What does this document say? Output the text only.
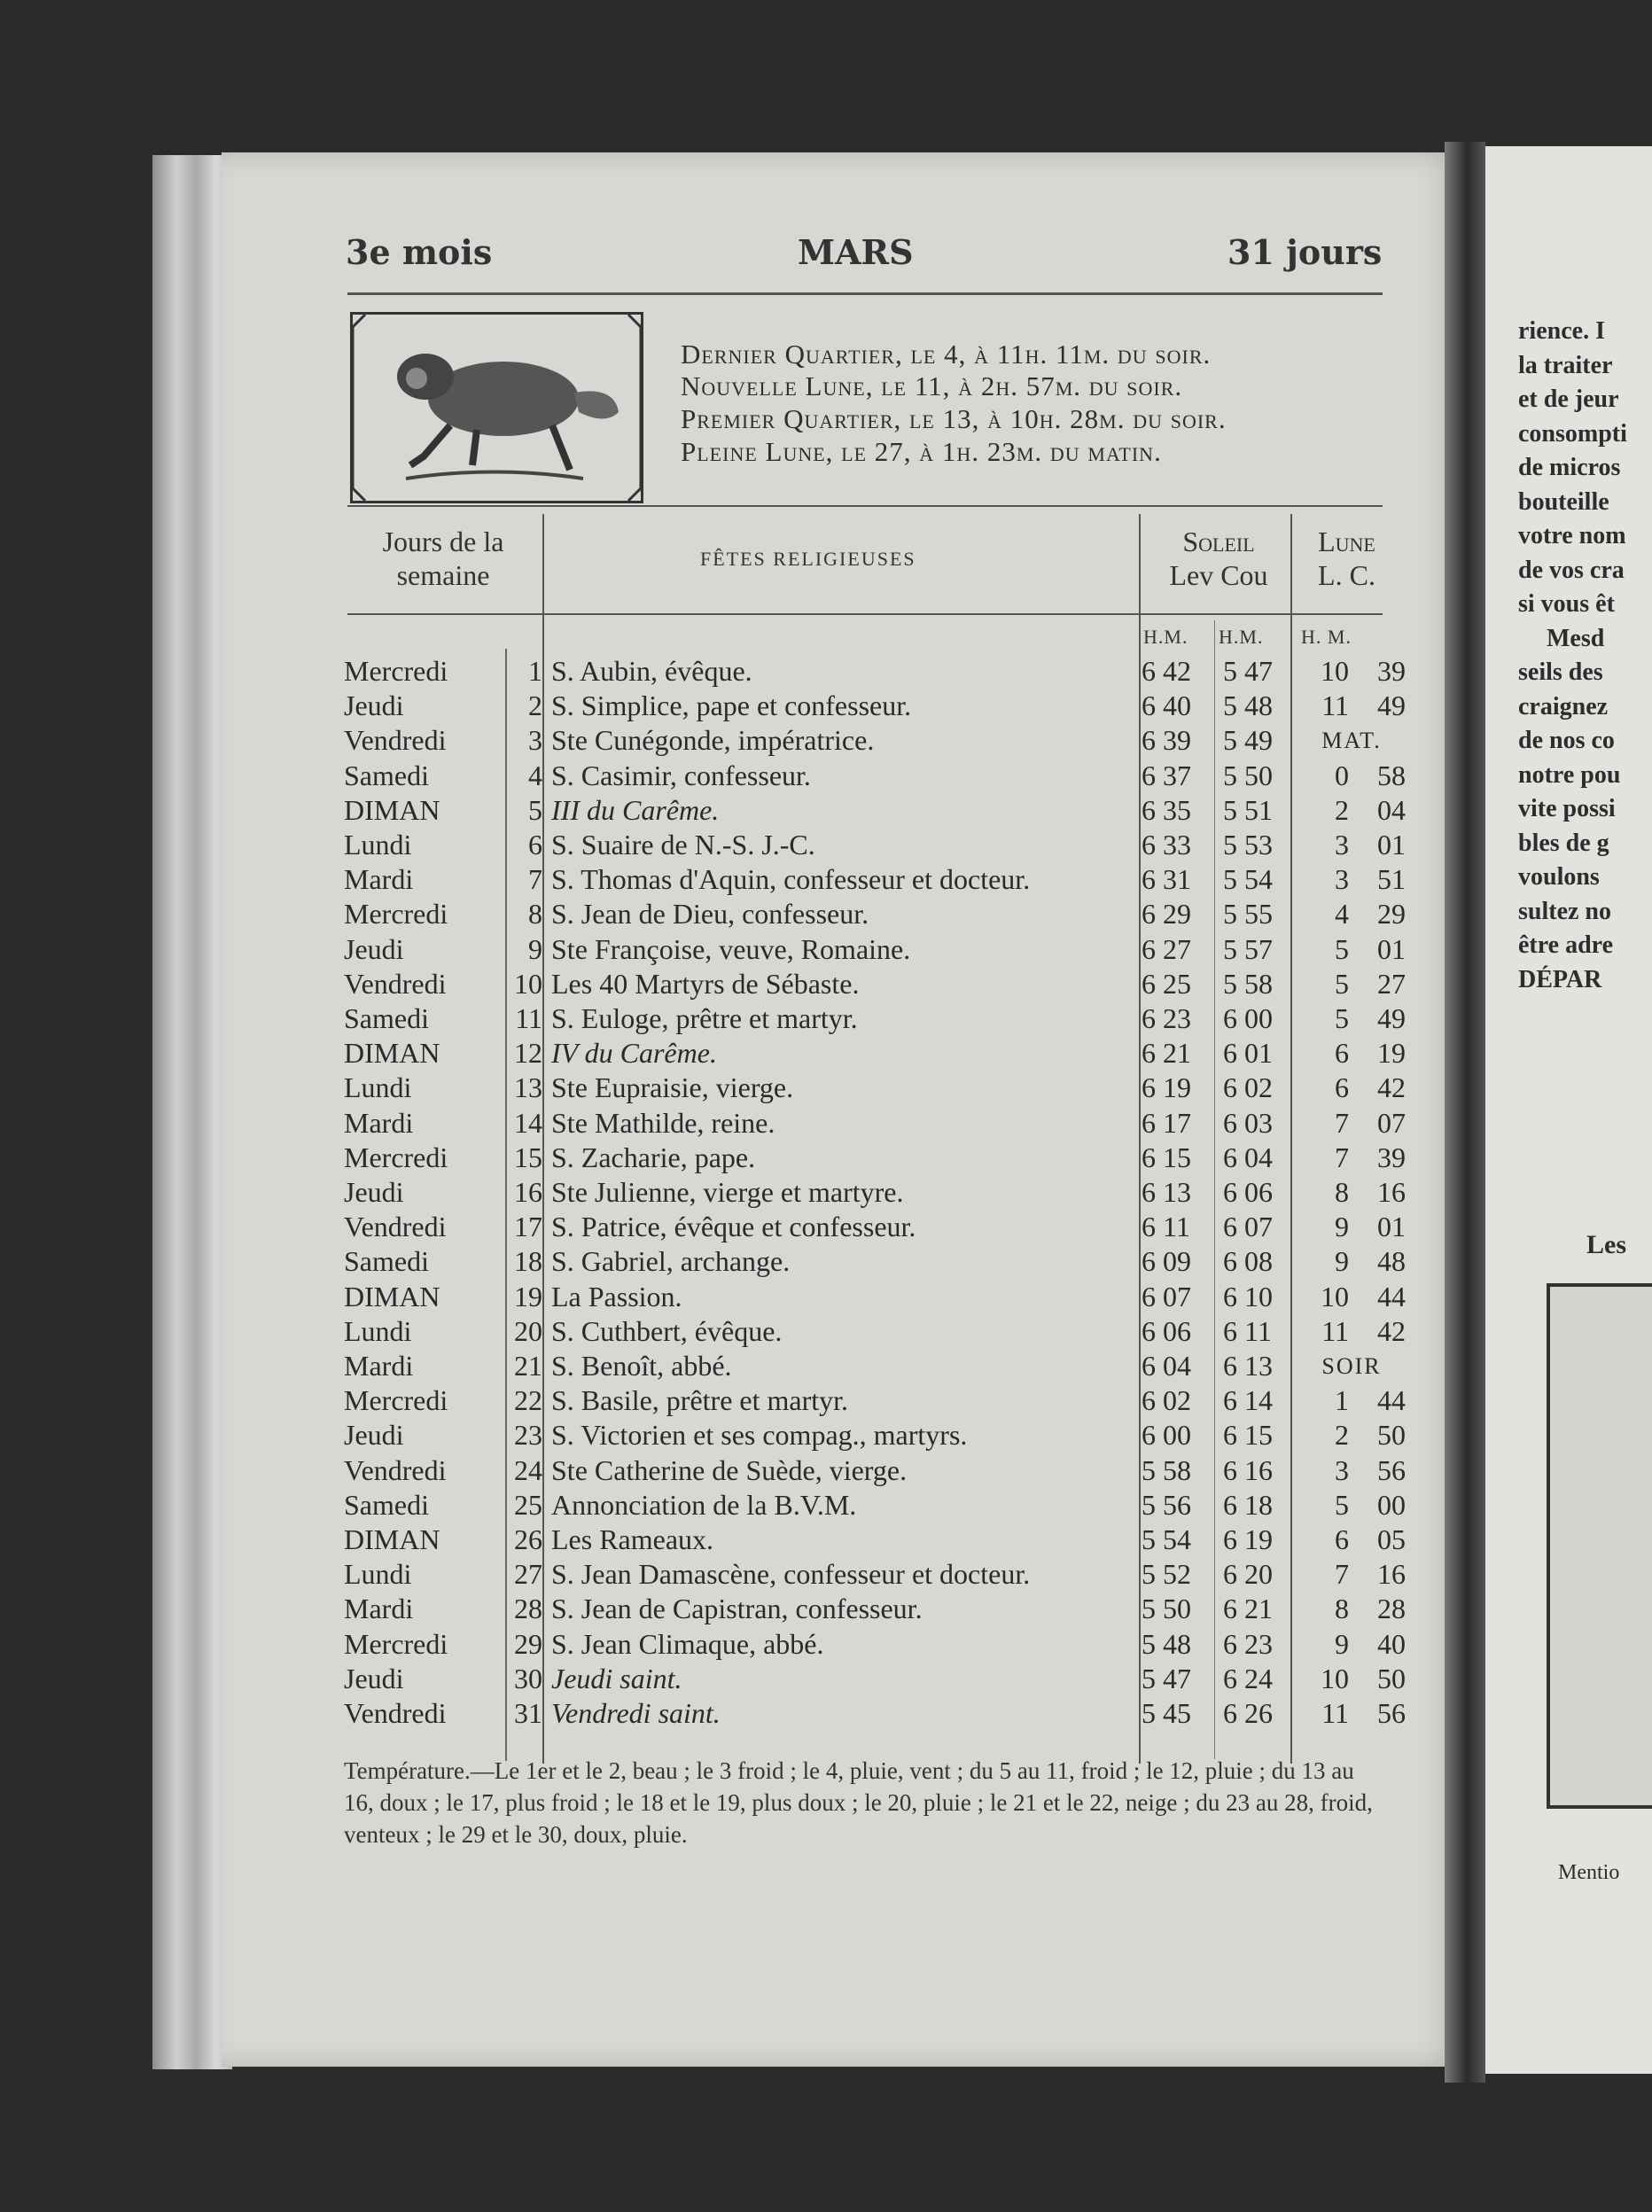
3e mois	MARS	31 jours
Dernier Quartier, le 4, à 11h. 11m. du soir.
Nouvelle Lune, le 11, à 2h. 57m. du soir.
Premier Quartier, le 13, à 10h. 28m. du soir.
Pleine Lune, le 27, à 1h. 23m. du matin.
Jours de la semaine
FÊTES RELIGIEUSES
Soleil
Lev Cou
Lune
L. C.
H.M. H.M. H. M.
Mercredi	1 S. Aubin, évêque.	6 42 5 47	10	39
Jeudi	2 S. Simplice, pape et confesseur.	6 40 5 48	11	49
Vendredi	3 Ste Cunégonde, impératrice.	6 39 5 49	MAT.
Samedi	4 S. Casimir, confesseur.	6 37 5 50	0	58
DIMAN	5 III du Carême.	6 35 5 51	2	04
Lundi	6 S. Suaire de N.-S. J.-C.	6 33 5 53	3	01
Mardi	7 S. Thomas d'Aquin, confesseur et docteur.	6 31 5 54	3	51
Mercredi	8 S. Jean de Dieu, confesseur.	6 29 5 55	4	29
Jeudi	9 Ste Françoise, veuve, Romaine.	6 27 5 57	5	01
Vendredi	10 Les 40 Martyrs de Sébaste.	6 25 5 58	5	27
Samedi	11 S. Euloge, prêtre et martyr.	6 23 6 00	5	49
DIMAN	12 IV du Carême.	6 21 6 01	6	19
Lundi	13 Ste Eupraisie, vierge.	6 19 6 02	6	42
Mardi	14 Ste Mathilde, reine.	6 17 6 03	7	07
Mercredi	15 S. Zacharie, pape.	6 15 6 04	7	39
Jeudi	16 Ste Julienne, vierge et martyre.	6 13 6 06	8	16
Vendredi	17 S. Patrice, évêque et confesseur.	6 11 6 07	9	01
Samedi	18 S. Gabriel, archange.	6 09 6 08	9	48
DIMAN	19 La Passion.	6 07 6 10	10	44
Lundi	20 S. Cuthbert, évêque.	6 06 6 11	11	42
Mardi	21 S. Benoît, abbé.	6 04 6 13	SOIR
Mercredi	22 S. Basile, prêtre et martyr.	6 02 6 14	1	44
Jeudi	23 S. Victorien et ses compag., martyrs.	6 00 6 15	2	50
Vendredi	24 Ste Catherine de Suède, vierge.	5 58 6 16	3	56
Samedi	25 Annonciation de la B.V.M.	5 56 6 18	5	00
DIMAN	26 Les Rameaux.	5 54 6 19	6	05
Lundi	27 S. Jean Damascène, confesseur et docteur.	5 52 6 20	7	16
Mardi	28 S. Jean de Capistran, confesseur.	5 50 6 21	8	28
Mercredi	29 S. Jean Climaque, abbé.	5 48 6 23	9	40
Jeudi	30 Jeudi saint.	5 47 6 24	10	50
Vendredi	31 Vendredi saint.	5 45 6 26	11	56
Température.—Le 1er et le 2, beau ; le 3 froid ; le 4, pluie, vent ; du 5 au 11, froid ; le 12, pluie ; du 13 au 16, doux ; le 17, plus froid ; le 18 et le 19, plus doux ; le 20, pluie ; le 21 et le 22, neige ; du 23 au 28, froid, venteux ; le 29 et le 30, doux, pluie.
rience. I
la traiter
et de jeur
consompti
de micros
bouteille
votre nom
de vos cra
si vous êt
Mesd
seils des
craignez
de nos co
notre pou
vite possi
bles de g
voulons
sultez no
être adre
DÉPAR
Les
Mentio
